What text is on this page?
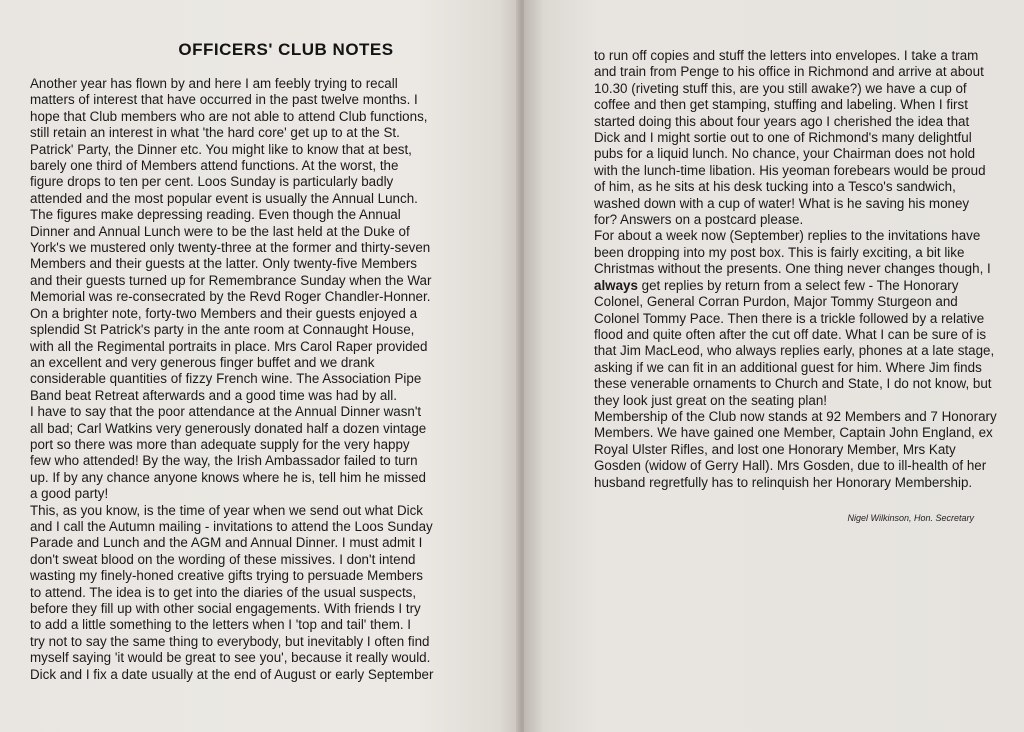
OFFICERS' CLUB NOTES
Another year has flown by and here I am feebly trying to recall
matters of interest that have occurred in the past twelve months. I
hope that Club members who are not able to attend Club functions,
still retain an interest in what 'the hard core' get up to at the St.
Patrick' Party, the Dinner etc. You might like to know that at best,
barely one third of Members attend functions. At the worst, the
figure drops to ten per cent. Loos Sunday is particularly badly
attended and the most popular event is usually the Annual Lunch.
The figures make depressing reading. Even though the Annual
Dinner and Annual Lunch were to be the last held at the Duke of
York's we mustered only twenty-three at the former and thirty-seven
Members and their guests at the latter. Only twenty-five Members
and their guests turned up for Remembrance Sunday when the War
Memorial was re-consecrated by the Revd Roger Chandler-Honner.
On a brighter note, forty-two Members and their guests enjoyed a
splendid St Patrick's party in the ante room at Connaught House,
with all the Regimental portraits in place. Mrs Carol Raper provided
an excellent and very generous finger buffet and we drank
considerable quantities of fizzy French wine. The Association Pipe
Band beat Retreat afterwards and a good time was had by all.
I have to say that the poor attendance at the Annual Dinner wasn't
all bad; Carl Watkins very generously donated half a dozen vintage
port so there was more than adequate supply for the very happy
few who attended! By the way, the Irish Ambassador failed to turn
up. If by any chance anyone knows where he is, tell him he missed
a good party!
This, as you know, is the time of year when we send out what Dick
and I call the Autumn mailing - invitations to attend the Loos Sunday
Parade and Lunch and the AGM and Annual Dinner. I must admit I
don't sweat blood on the wording of these missives. I don't intend
wasting my finely-honed creative gifts trying to persuade Members
to attend. The idea is to get into the diaries of the usual suspects,
before they fill up with other social engagements. With friends I try
to add a little something to the letters when I 'top and tail' them. I
try not to say the same thing to everybody, but inevitably I often find
myself saying 'it would be great to see you', because it really would.
Dick and I fix a date usually at the end of August or early September
to run off copies and stuff the letters into envelopes. I take a tram
and train from Penge to his office in Richmond and arrive at about
10.30 (riveting stuff this, are you still awake?) we have a cup of
coffee and then get stamping, stuffing and labeling. When I first
started doing this about four years ago I cherished the idea that
Dick and I might sortie out to one of Richmond's many delightful
pubs for a liquid lunch. No chance, your Chairman does not hold
with the lunch-time libation. His yeoman forebears would be proud
of him, as he sits at his desk tucking into a Tesco's sandwich,
washed down with a cup of water! What is he saving his money
for? Answers on a postcard please.
For about a week now (September) replies to the invitations have
been dropping into my post box. This is fairly exciting, a bit like
Christmas without the presents. One thing never changes though, I
always get replies by return from a select few - The Honorary
Colonel, General Corran Purdon, Major Tommy Sturgeon and
Colonel Tommy Pace. Then there is a trickle followed by a relative
flood and quite often after the cut off date. What I can be sure of is
that Jim MacLeod, who always replies early, phones at a late stage,
asking if we can fit in an additional guest for him. Where Jim finds
these venerable ornaments to Church and State, I do not know, but
they look just great on the seating plan!
Membership of the Club now stands at 92 Members and 7 Honorary
Members. We have gained one Member, Captain John England, ex
Royal Ulster Rifles, and lost one Honorary Member, Mrs Katy
Gosden (widow of Gerry Hall). Mrs Gosden, due to ill-health of her
husband regretfully has to relinquish her Honorary Membership.
Nigel Wilkinson, Hon. Secretary
